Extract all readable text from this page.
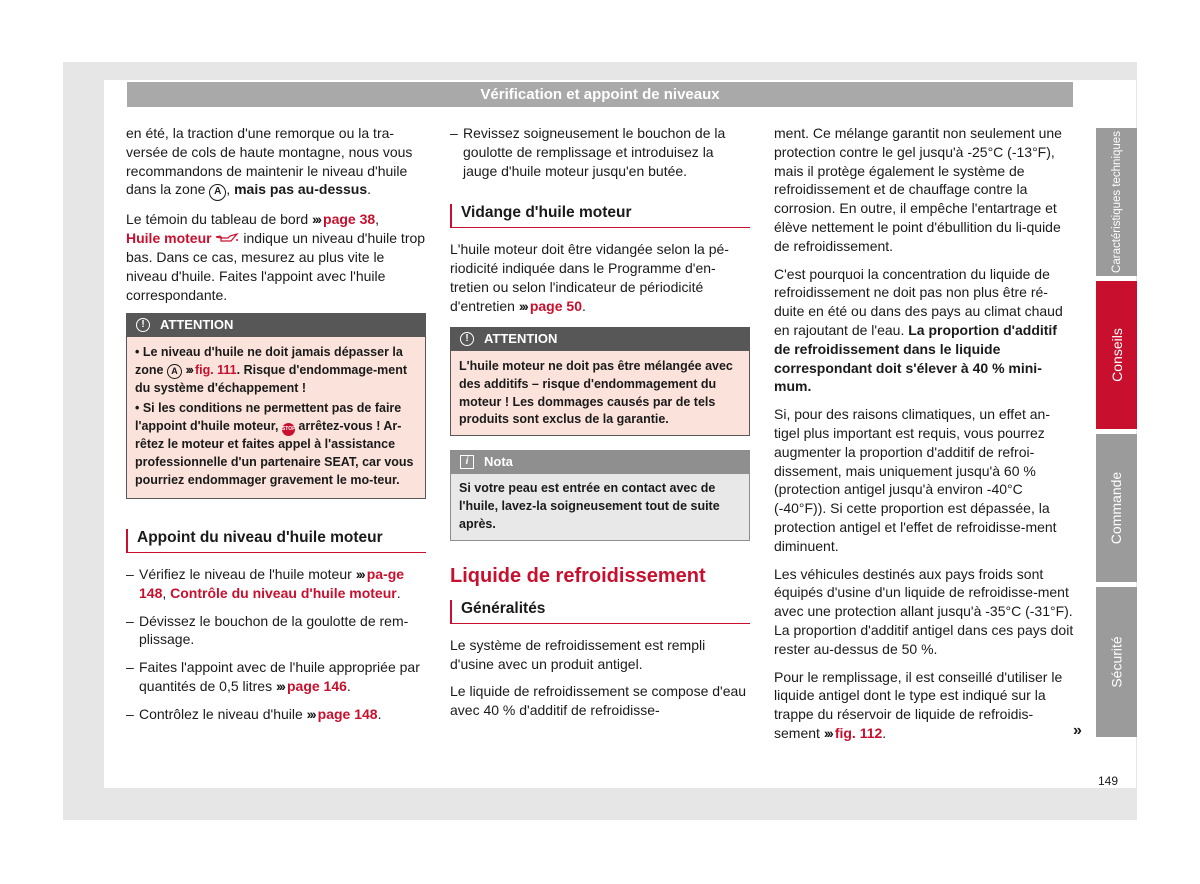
Vérification et appoint de niveaux

en été, la traction d'une remorque ou la tra-versée de cols de haute montagne, nous vous recommandons de maintenir le niveau d'huile dans la zone A , mais pas au-dessus.

Le témoin du tableau de bord ››› page 38,
Huile moteur  indique un niveau d'huile trop bas. Dans ce cas, mesurez au plus vite le niveau d'huile. Faites l'appoint avec l'huile correspondante.

!	ATTENTION

• Le niveau d'huile ne doit jamais dépasser la zone A ››› fig. 111. Risque d'endommage-ment du système d'échappement !

• Si les conditions ne permettent pas de faire l'appoint d'huile moteur, STOP arrêtez-vous ! Ar-rêtez le moteur et faites appel à l'assistance professionnelle d'un partenaire SEAT, car vous pourriez endommager gravement le mo-teur.

Appoint du niveau d'huile moteur
– Vérifiez le niveau de l'huile moteur ››› pa-ge 148, Contrôle du niveau d'huile moteur.
– Dévissez le bouchon de la goulotte de rem-plissage.
– Faites l'appoint avec de l'huile appropriée par quantités de 0,5 litres ››› page 146.
– Contrôlez le niveau d'huile ››› page 148.
– Revissez soigneusement le bouchon de la goulotte de remplissage et introduisez la jauge d'huile moteur jusqu'en butée.
Vidange d'huile moteur

L'huile moteur doit être vidangée selon la pé-riodicité indiquée dans le Programme d'en-tretien ou selon l'indicateur de périodicité d'entretien ››› page 50.

!	ATTENTION
L'huile moteur ne doit pas être mélangée avec des additifs – risque d'endommagement du moteur ! Les dommages causés par de tels produits sont exclus de la garantie.
i	Nota
Si votre peau est entrée en contact avec de l'huile, lavez-la soigneusement tout de suite après.
Liquide de refroidissement
Généralités

Le système de refroidissement est rempli d'usine avec un produit antigel.

Le liquide de refroidissement se compose d'eau avec 40 % d'additif de refroidisse-

ment. Ce mélange garantit non seulement une protection contre le gel jusqu'à -25°C (-13°F), mais il protège également le système de refroidissement et de chauffage contre la corrosion. En outre, il empêche l'entartrage et élève nettement le point d'ébullition du li-quide de refroidissement.

C'est pourquoi la concentration du liquide de refroidissement ne doit pas non plus être ré-duite en été ou dans des pays au climat chaud en rajoutant de l'eau. La proportion d'additif de refroidissement dans le liquide correspondant doit s'élever à 40 % mini-mum.

Si, pour des raisons climatiques, un effet an-tigel plus important est requis, vous pourrez augmenter la proportion d'additif de refroi-dissement, mais uniquement jusqu'à 60 % (protection antigel jusqu'à environ -40°C (-40°F)). Si cette proportion est dépassée, la protection antigel et l'effet de refroidisse-ment diminuent.

Les véhicules destinés aux pays froids sont équipés d'usine d'un liquide de refroidisse-ment avec une protection allant jusqu'à -35°C (-31°F). La proportion d'additif antigel dans ces pays doit rester au-dessus de 50 %.

Pour le remplissage, il est conseillé d'utiliser le liquide antigel dont le type est indiqué sur la trappe du réservoir de liquide de refroidis-sement ››› fig. 112.

Caractéristiques techniques
Conseils
Commande
Sécurité
»
149
